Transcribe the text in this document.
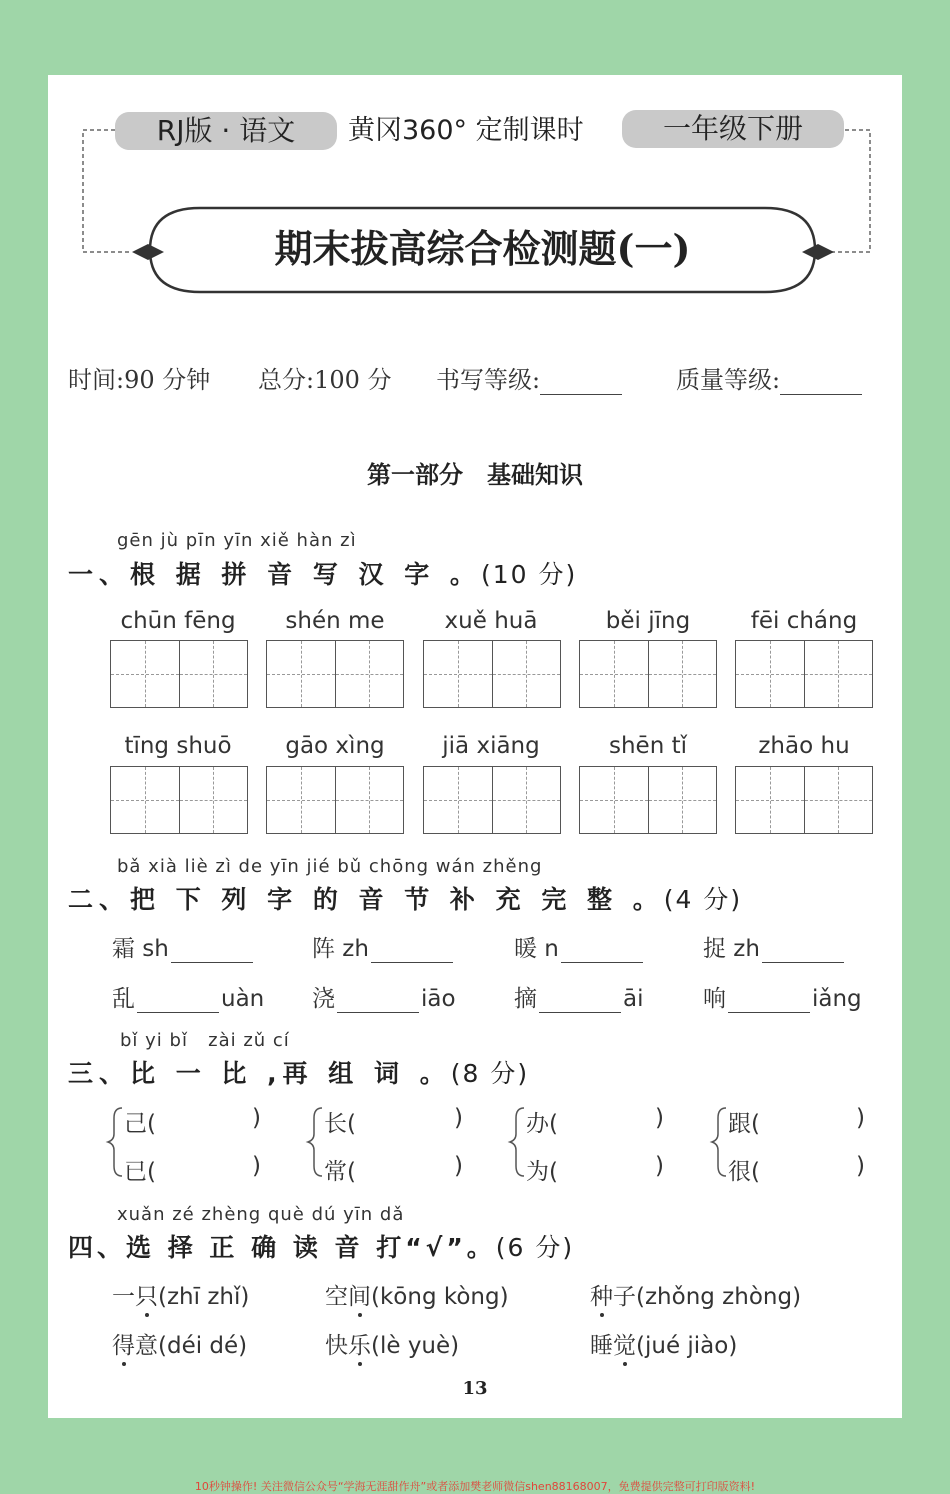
RJ版 · 语文	黄冈360° 定制课时	一年级下册
期末拔高综合检测题(一)
时间:90 分钟 总分:100 分 书写等级:	质量等级:
第一部分　基础知识
gēn jù pīn yīn xiě hàn zì
一、根 据 拼 音 写 汉 字 。(10 分)
chūn fēng	shén me	xuě huā	běi jīng	fēi cháng
tīng shuō	gāo xìng	jiā xiāng	shēn tǐ	zhāo hu
bǎ xià liè zì de yīn jié bǔ chōng wán zhěng
二、把 下 列 字 的 音 节 补 充 完 整 。(4 分)
霜 sh	阵 zh	暖 n	捉 zh
乱	uàn 浇	iāo	摘	āi	响	iǎng
bǐ yi bǐ   zài zǔ cí
三、比 一 比 ,再 组 词 。(8 分)
己(	)
已(	)
长(	)
常(	)
办(	)
为(	)
跟(	)
很(	)
xuǎn zé zhèng què dú yīn dǎ
四、选 择 正 确 读 音 打“√”。(6 分)
一只(zhī zhǐ)	空间(kōng kòng)	种子(zhǒng zhòng)
得意(déi dé)	快乐(lè yuè)	睡觉(jué jiào)
13
10秒钟操作! 关注微信公众号“学海无涯甜作舟”或者添加樊老师微信shen88168007，免费提供完整可打印版资料!
